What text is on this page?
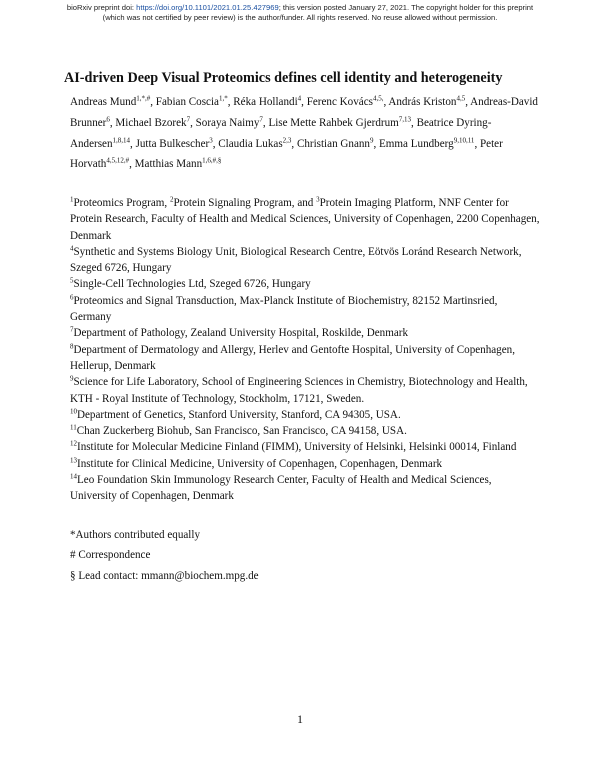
bioRxiv preprint doi: https://doi.org/10.1101/2021.01.25.427969; this version posted January 27, 2021. The copyright holder for this preprint
(which was not certified by peer review) is the author/funder. All rights reserved. No reuse allowed without permission.
AI-driven Deep Visual Proteomics defines cell identity and heterogeneity
Andreas Mund$^{1,*,\#}$, Fabian Coscia$^{1,*}$, Réka Hollandi$^4$, Ferenc Kovács$^{4,5,}$, András Kriston$^{4,5}$, Andreas-David Brunner$^6$, Michael Bzorek$^7$, Soraya Naimy$^7$, Lise Mette Rahbek Gjerdrum$^{7,13}$, Beatrice Dyring-Andersen$^{1,8,14}$, Jutta Bulkescher$^3$, Claudia Lukas$^{2,3}$, Christian Gnann$^9$, Emma Lundberg$^{9,10,11}$, Peter Horvath$^{4,5,12,\#}$, Matthias Mann$^{1,6,\#,\S}$
$^1$Proteomics Program, $^2$Protein Signaling Program, and $^3$Protein Imaging Platform, NNF Center for Protein Research, Faculty of Health and Medical Sciences, University of Copenhagen, 2200 Copenhagen, Denmark
$^4$Synthetic and Systems Biology Unit, Biological Research Centre, Eötvös Loránd Research Network, Szeged 6726, Hungary
$^5$Single-Cell Technologies Ltd, Szeged 6726, Hungary
$^6$Proteomics and Signal Transduction, Max-Planck Institute of Biochemistry, 82152 Martinsried, Germany
$^7$Department of Pathology, Zealand University Hospital, Roskilde, Denmark
$^8$Department of Dermatology and Allergy, Herlev and Gentofte Hospital, University of Copenhagen, Hellerup, Denmark
$^9$Science for Life Laboratory, School of Engineering Sciences in Chemistry, Biotechnology and Health, KTH - Royal Institute of Technology, Stockholm, 17121, Sweden.
$^{10}$Department of Genetics, Stanford University, Stanford, CA 94305, USA.
$^{11}$Chan Zuckerberg Biohub, San Francisco, San Francisco, CA 94158, USA.
$^{12}$Institute for Molecular Medicine Finland (FIMM), University of Helsinki, Helsinki 00014, Finland
$^{13}$Institute for Clinical Medicine, University of Copenhagen, Copenhagen, Denmark
$^{14}$Leo Foundation Skin Immunology Research Center, Faculty of Health and Medical Sciences, University of Copenhagen, Denmark
*Authors contributed equally
# Correspondence
§ Lead contact: mmann@biochem.mpg.de
1
